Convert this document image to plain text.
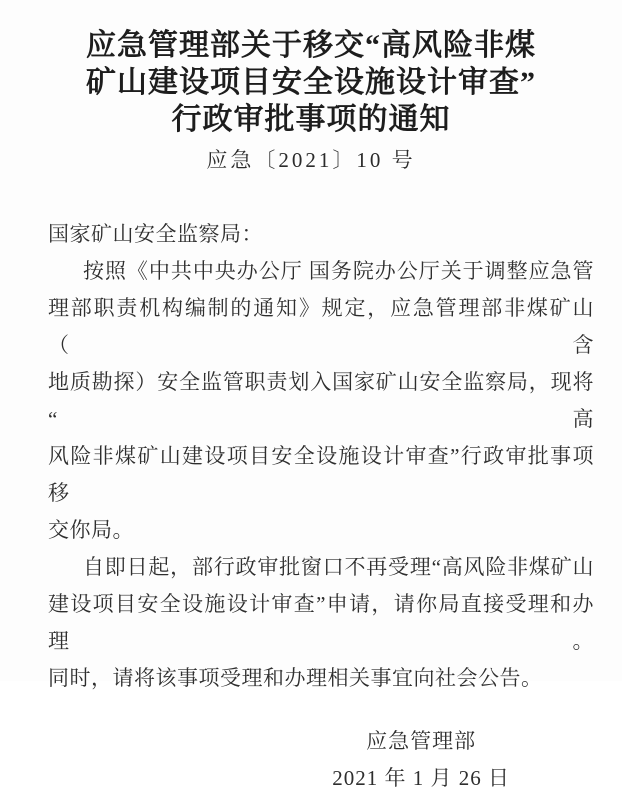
应急管理部关于移交“高风险非煤
矿山建设项目安全设施设计审查”
行政审批事项的通知
应急〔2021〕10 号
国家矿山安全监察局：
按照《中共中央办公厅 国务院办公厅关于调整应急管
理部职责机构编制的通知》规定，应急管理部非煤矿山（含
地质勘探）安全监管职责划入国家矿山安全监察局，现将“高
风险非煤矿山建设项目安全设施设计审查”行政审批事项移
交你局。
自即日起，部行政审批窗口不再受理“高风险非煤矿山
建设项目安全设施设计审查”申请，请你局直接受理和办理。
同时，请将该事项受理和办理相关事宜向社会公告。
应急管理部
2021 年 1 月 26 日
